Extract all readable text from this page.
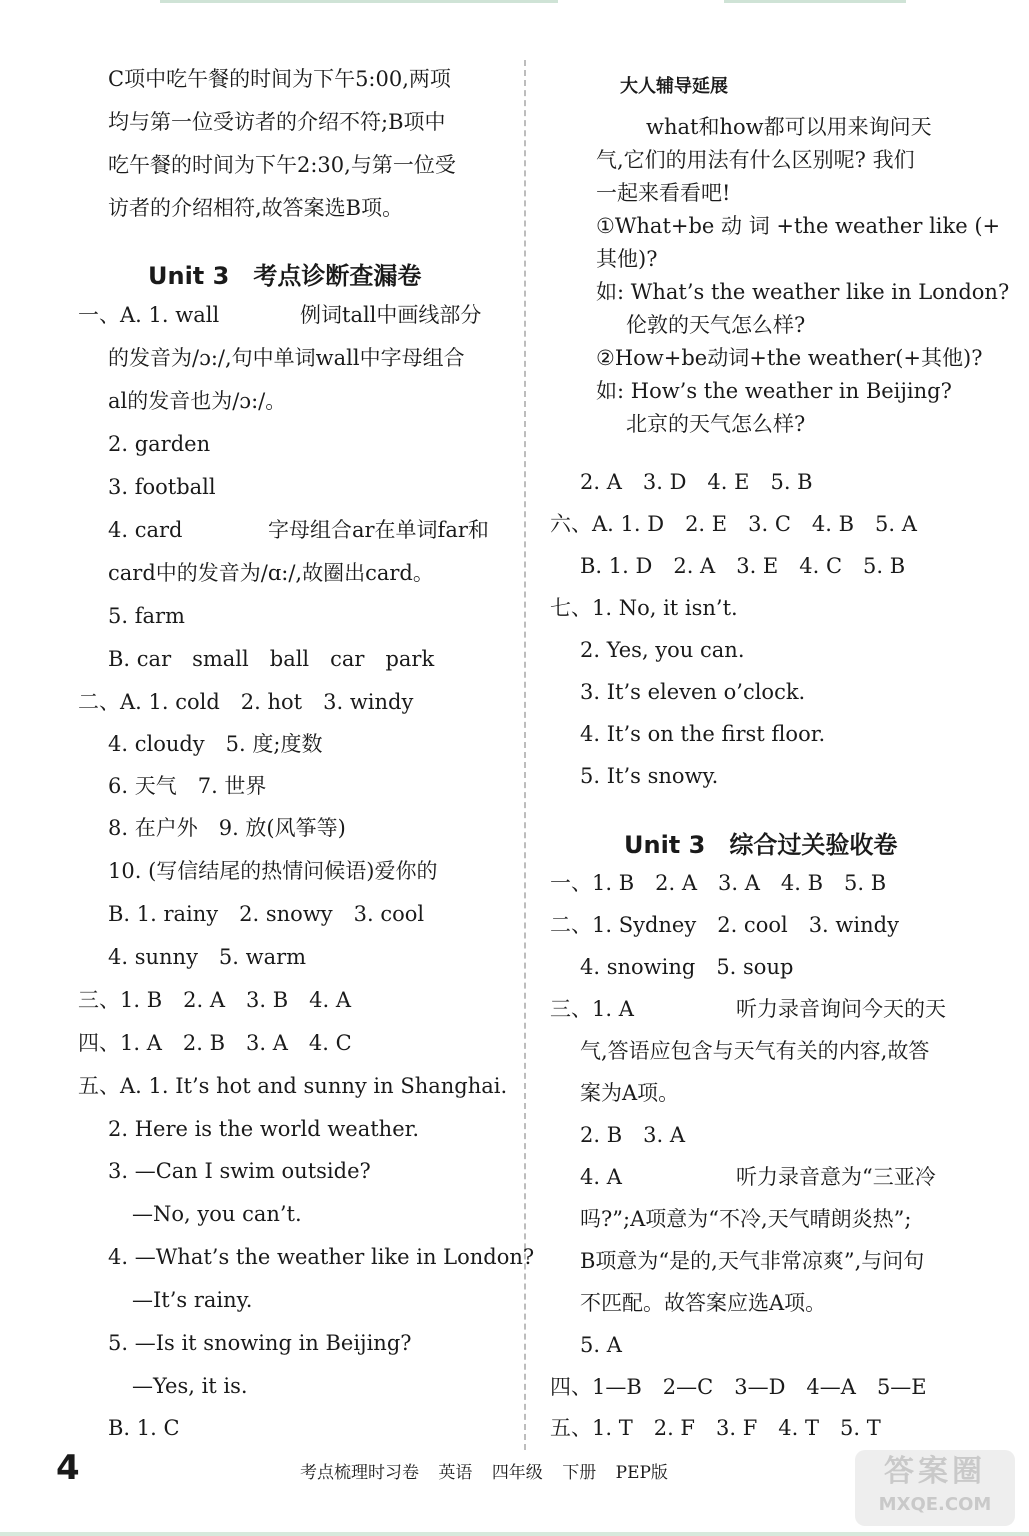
C项中吃午餐的时间为下午5:00,两项
均与第一位受访者的介绍不符;B项中
吃午餐的时间为下午2:30,与第一位受
访者的介绍相符,故答案选B项。
Unit 3　考点诊断查漏卷
一、A. 1. wall	例词tall中画线部分
的发音为/ɔ:/,句中单词wall中字母组合
al的发音也为/ɔ:/。
2. garden
3. football
4. card	字母组合ar在单词far和
card中的发音为/ɑ:/,故圈出card。
5. farm
B. car　small　ball　car　park
二、A. 1. cold　2. hot　3. windy
4. cloudy　5. 度;度数
6. 天气　7. 世界
8. 在户外　9. 放(风筝等)
10. (写信结尾的热情问候语)爱你的
B. 1. rainy　2. snowy　3. cool
4. sunny　5. warm
三、1. B　2. A　3. B　4. A
四、1. A　2. B　3. A　4. C
五、A. 1. It’s hot and sunny in Shanghai.
2. Here is the world weather.
3. —Can I swim outside?
—No, you can’t.
4. —What’s the weather like in London?
—It’s rainy.
5. —Is it snowing in Beijing?
—Yes, it is.
B. 1. C
大人辅导延展
what和how都可以用来询问天
气,它们的用法有什么区别呢? 我们
一起来看看吧!
①What+be 动 词 +the weather like (+
其他)?
如: What’s the weather like in London?
伦敦的天气怎么样?
②How+be动词+the weather(+其他)?
如: How’s the weather in Beijing?
北京的天气怎么样?
2. A　3. D　4. E　5. B
六、A. 1. D　2. E　3. C　4. B　5. A
B. 1. D　2. A　3. E　4. C　5. B
七、1. No, it isn’t.
2. Yes, you can.
3. It’s eleven o’clock.
4. It’s on the first floor.
5. It’s snowy.
Unit 3　综合过关验收卷
一、1. B　2. A　3. A　4. B　5. B
二、1. Sydney　2. cool　3. windy
4. snowing　5. soup
三、1. A	听力录音询问今天的天
气,答语应包含与天气有关的内容,故答
案为A项。
2. B　3. A
4. A	听力录音意为“三亚冷
吗?”;A项意为“不冷,天气晴朗炎热”;
B项意为“是的,天气非常凉爽”,与问句
不匹配。故答案应选A项。
5. A
四、1—B　2—C　3—D　4—A　5—E
五、1. T　2. F　3. F　4. T　5. T
4	考点梳理时习卷 英语 四年级 下册 PEP版	答案圈
MXQE.COM
